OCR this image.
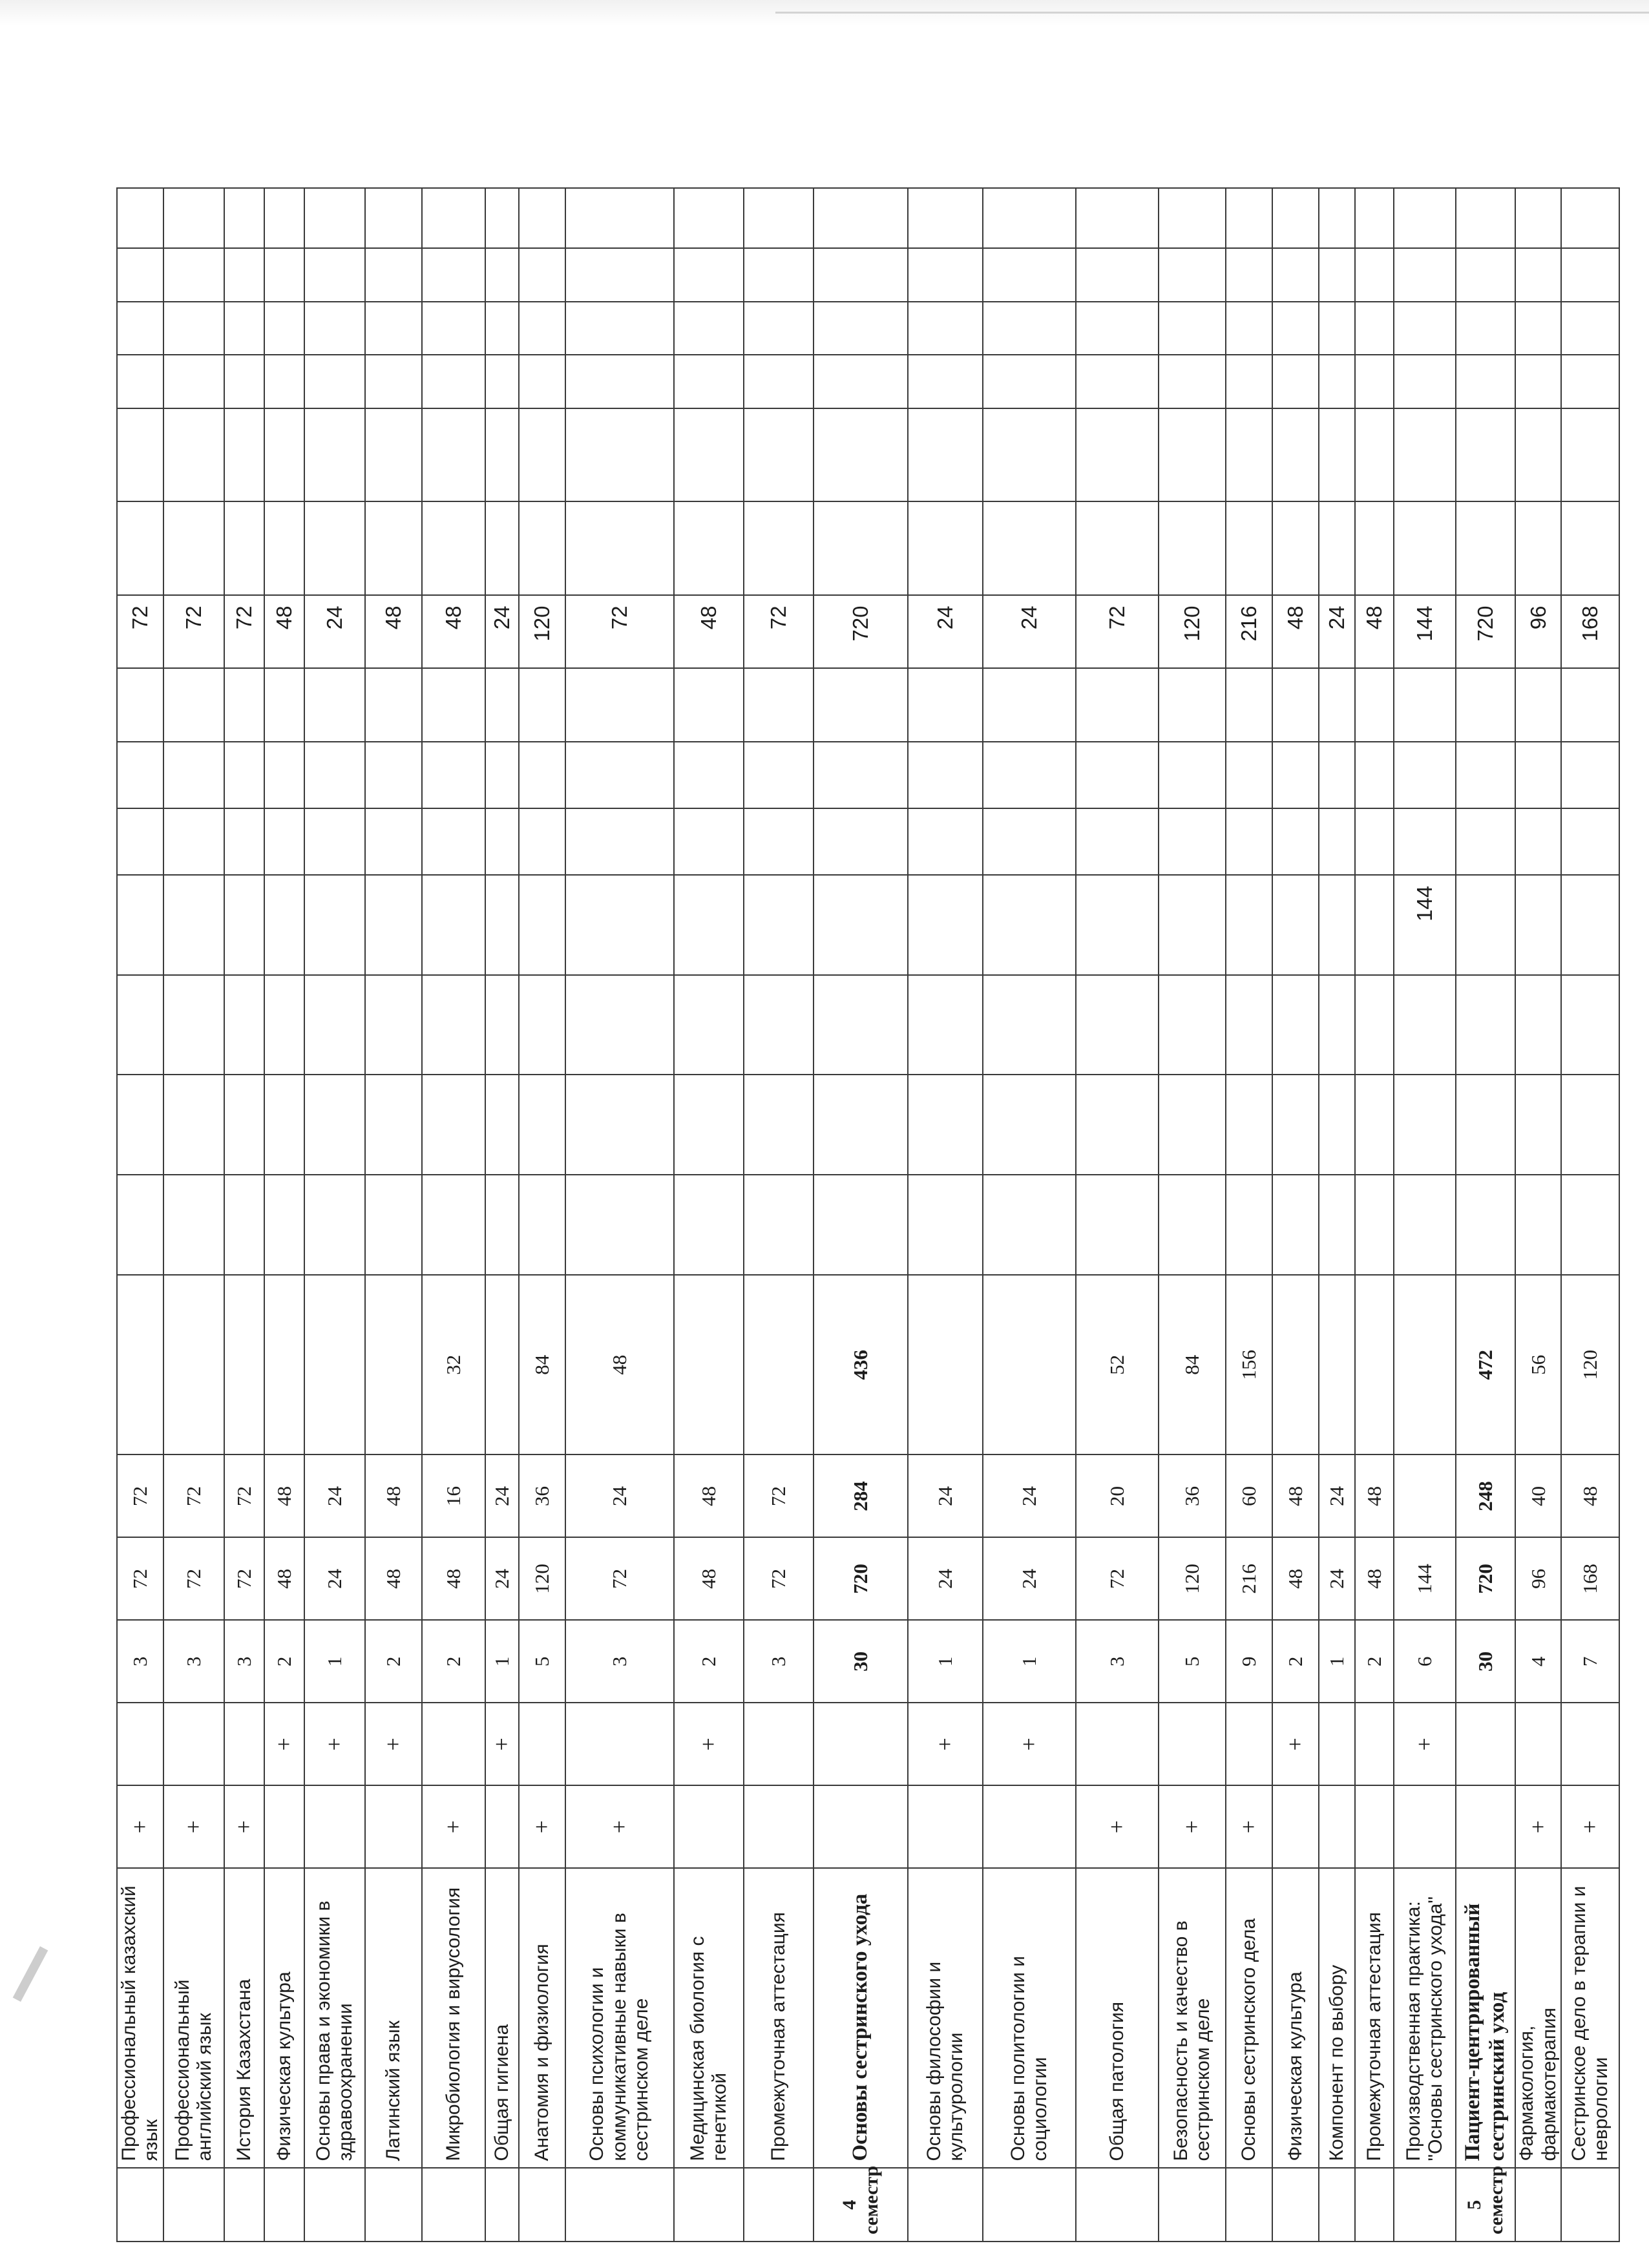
	Профессиональный казахский язык	+		3	72	72									72						
	Профессиональный английский язык	+		3	72	72									72						
	История Казахстана	+		3	72	72									72						
	Физическая культура		+	2	48	48									48						
	Основы права и экономики в здравоохранении		+	1	24	24									24						
	Латинский язык		+	2	48	48									48						
	Микробиология и вирусология	+		2	48	16	32								48						
	Общая гигиена		+	1	24	24									24						
	Анатомия и физиология	+		5	120	36	84								120						
	Основы психологии и коммуникативные навыки в сестринском деле	+		3	72	24	48								72						
	Медицинская биология с генетикой		+	2	48	48									48						
	Промежуточная аттестация			3	72	72									72						
4 семестр	Основы сестринского ухода			30	720	284	436								720						
	Основы философии и культурологии		+	1	24	24									24						
	Основы политологии и социологии		+	1	24	24									24						
	Общая патология	+		3	72	20	52								72						
	Безопасность и качество в сестринском деле	+		5	120	36	84								120						
	Основы сестринского дела	+		9	216	60	156								216						
	Физическая культура		+	2	48	48									48						
	Компонент по выбору			1	24	24									24						
	Промежуточная аттестация			2	48	48									48						
	Производственная практика: "Основы сестринского ухода"		+	6	144						144				144						
5 семестр	Пациент-центрированный сестринский уход			30	720	248	472								720						
	Фармакология, фармакотерапия	+		4	96	40	56								96						
	Сестринское дело в терапии и неврологии	+		7	168	48	120								168						
